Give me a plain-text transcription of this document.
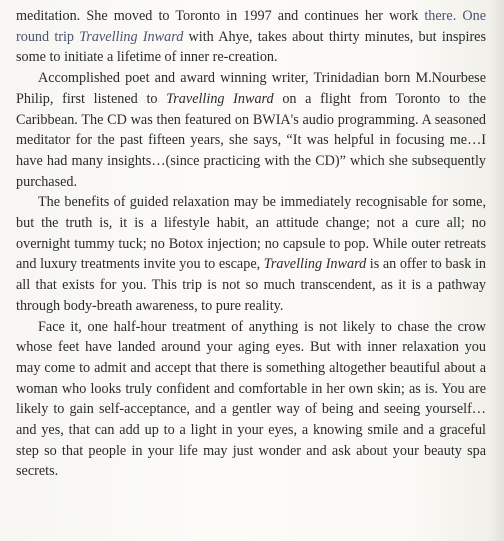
meditation. She moved to Toronto in 1997 and continues her work there. One round trip Travelling Inward with Ahye, takes about thirty minutes, but inspires some to initiate a lifetime of inner re-creation.

Accomplished poet and award winning writer, Trinidadian born M.Nourbese Philip, first listened to Travelling Inward on a flight from Toronto to the Caribbean. The CD was then featured on BWIA's audio programming. A seasoned meditator for the past fifteen years, she says, “It was helpful in focusing me…I have had many insights…(since practicing with the CD)” which she subsequently purchased.

The benefits of guided relaxation may be immediately recognisable for some, but the truth is, it is a lifestyle habit, an attitude change; not a cure all; no overnight tummy tuck; no Botox injection; no capsule to pop. While outer retreats and luxury treatments invite you to escape, Travelling Inward is an offer to bask in all that exists for you. This trip is not so much transcendent, as it is a pathway through body-breath awareness, to pure reality.

Face it, one half-hour treatment of anything is not likely to chase the crow whose feet have landed around your aging eyes. But with inner relaxation you may come to admit and accept that there is something altogether beautiful about a woman who looks truly confident and comfortable in her own skin; as is. You are likely to gain self-acceptance, and a gentler way of being and seeing yourself…and yes, that can add up to a light in your eyes, a knowing smile and a graceful step so that people in your life may just wonder and ask about your beauty spa secrets.
